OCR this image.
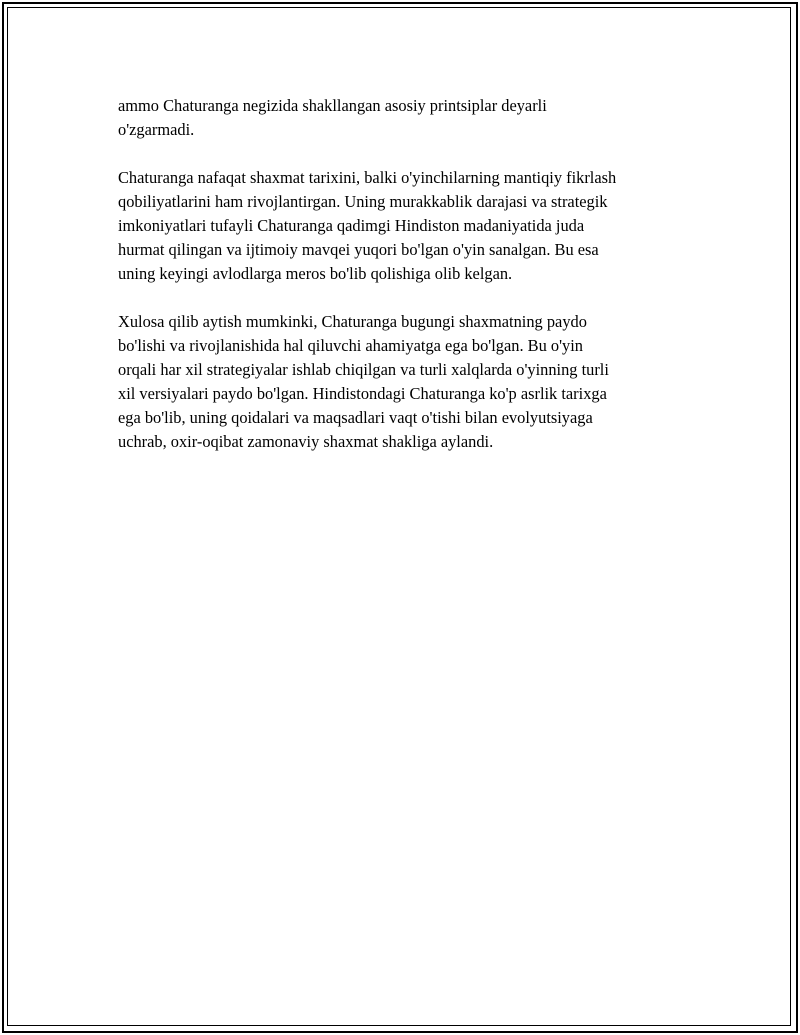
ammo Chaturanga negizida shakllangan asosiy printsiplar deyarli
o'zgarmadi.

Chaturanga nafaqat shaxmat tarixini, balki o'yinchilarning mantiqiy fikrlash
qobiliyatlarini ham rivojlantirgan. Uning murakkablik darajasi va strategik
imkoniyatlari tufayli Chaturanga qadimgi Hindiston madaniyatida juda
hurmat qilingan va ijtimoiy mavqei yuqori bo'lgan o'yin sanalgan. Bu esa
uning keyingi avlodlarga meros bo'lib qolishiga olib kelgan.

Xulosa qilib aytish mumkinki, Chaturanga bugungi shaxmatning paydo
bo'lishi va rivojlanishida hal qiluvchi ahamiyatga ega bo'lgan. Bu o'yin
orqali har xil strategiyalar ishlab chiqilgan va turli xalqlarda o'yinning turli
xil versiyalari paydo bo'lgan. Hindistondagi Chaturanga ko'p asrlik tarixga
ega bo'lib, uning qoidalari va maqsadlari vaqt o'tishi bilan evolyutsiyaga
uchrab, oxir-oqibat zamonaviy shaxmat shakliga aylandi.
